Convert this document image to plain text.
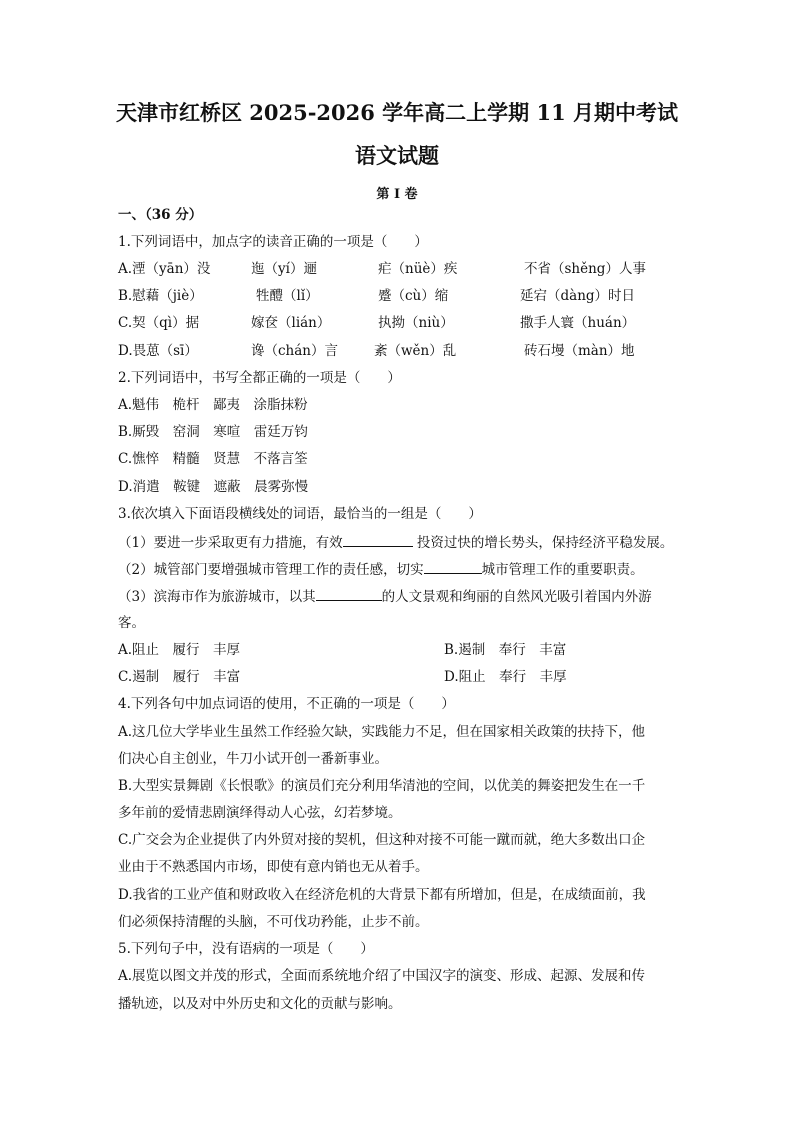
天津市红桥区 2025-2026 学年高二上学期 11 月期中考试
语文试题
第 I 卷
一、（36 分）
1.下列词语中，加点字的读音正确的一项是（　　）
A.湮（yān）没	迤（yí）逦	疟（nüè）疾	不省（shěng）人事
B.慰藉（jiè）	牲醴（lǐ）	蹙（cù）缩	延宕（dàng）时日
C.契（qì）据	嫁奁（lián）	执拗（niù）	撒手人寰（huán）
D.畏葸（sī）	谗（chán）言	紊（wěn）乱	砖石墁（màn）地
2.下列词语中，书写全都正确的一项是（　　）
A.魁伟　桅杆　鄙夷　涂脂抹粉
B.厮毁　窑洞　寒喧　雷廷万钧
C.憔悴　精髓　贤慧　不落言筌
D.消遣　鞍键　遮蔽　晨雾弥慢
3.依次填入下面语段横线处的词语，最恰当的一组是（　　）
（1）要进一步采取更有力措施，有效	投资过快的增长势头，保持经济平稳发展。
（2）城管部门要增强城市管理工作的责任感，切实	城市管理工作的重要职责。
（3）滨海市作为旅游城市，以其	的人文景观和绚丽的自然风光吸引着国内外游
客。
A.阻止　履行　丰厚	B.遏制　奉行　丰富
C.遏制　履行　丰富	D.阻止　奉行　丰厚
4.下列各句中加点词语的使用，不正确的一项是（　　）
A.这几位大学毕业生虽然工作经验欠缺，实践能力不足，但在国家相关政策的扶持下，他
们决心自主创业，牛刀小试开创一番新事业。
B.大型实景舞剧《长恨歌》的演员们充分利用华清池的空间，以优美的舞姿把发生在一千
多年前的爱情悲剧演绎得动人心弦，幻若梦境。
C.广交会为企业提供了内外贸对接的契机，但这种对接不可能一蹴而就，绝大多数出口企
业由于不熟悉国内市场，即使有意内销也无从着手。
D.我省的工业产值和财政收入在经济危机的大背景下都有所增加，但是，在成绩面前，我
们必须保持清醒的头脑，不可伐功矜能，止步不前。
5.下列句子中，没有语病的一项是（　　）
A.展览以图文并茂的形式，全面而系统地介绍了中国汉字的演变、形成、起源、发展和传
播轨迹，以及对中外历史和文化的贡献与影响。
